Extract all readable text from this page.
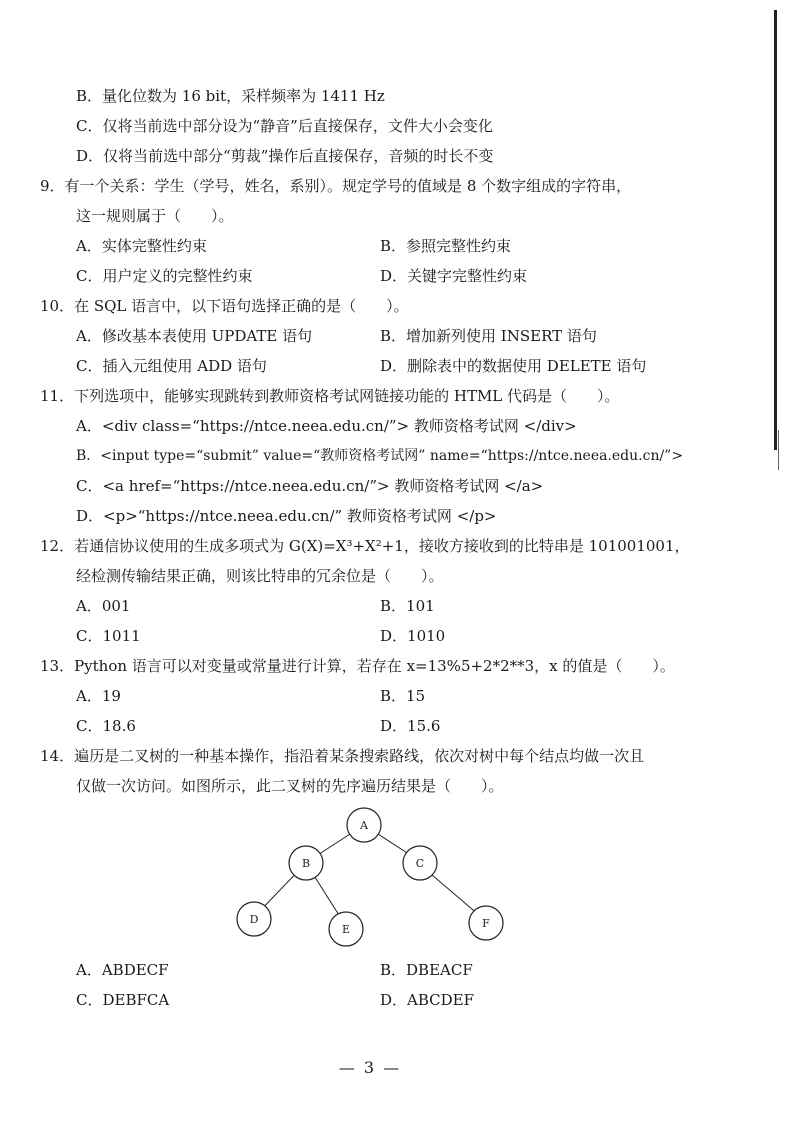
B．量化位数为 16 bit，采样频率为 1411 Hz
C．仅将当前选中部分设为“静音”后直接保存，文件大小会变化
D．仅将当前选中部分“剪裁”操作后直接保存，音频的时长不变
9．有一个关系：学生（学号，姓名，系别）。规定学号的值域是 8 个数字组成的字符串，
这一规则属于（　　）。
A．实体完整性约束	B．参照完整性约束
C．用户定义的完整性约束	D．关键字完整性约束
10．在 SQL 语言中，以下语句选择正确的是（　　）。
A．修改基本表使用 UPDATE 语句	B．增加新列使用 INSERT 语句
C．插入元组使用 ADD 语句	D．删除表中的数据使用 DELETE 语句
11．下列选项中，能够实现跳转到教师资格考试网链接功能的 HTML 代码是（　　）。
A．<div class=“https://ntce.neea.edu.cn/”> 教师资格考试网 </div>
B．<input type=“submit” value=“教师资格考试网” name=“https://ntce.neea.edu.cn/”>
C．<a href=“https://ntce.neea.edu.cn/”> 教师资格考试网 </a>
D．<p>“https://ntce.neea.edu.cn/” 教师资格考试网 </p>
12．若通信协议使用的生成多项式为 G(X)=X³+X²+1，接收方接收到的比特串是 101001001，
经检测传输结果正确，则该比特串的冗余位是（　　）。
A．001	B．101
C．1011	D．1010
13．Python 语言可以对变量或常量进行计算，若存在 x=13%5+2*2**3，x 的值是（　　）。
A．19	B．15
C．18.6	D．15.6
14．遍历是二叉树的一种基本操作，指沿着某条搜索路线，依次对树中每个结点均做一次且
仅做一次访问。如图所示，此二叉树的先序遍历结果是（　　）。
A
B	C
D
E	F
A．ABDECF	B．DBEACF
C．DEBFCA	D．ABCDEF
— 3 —
